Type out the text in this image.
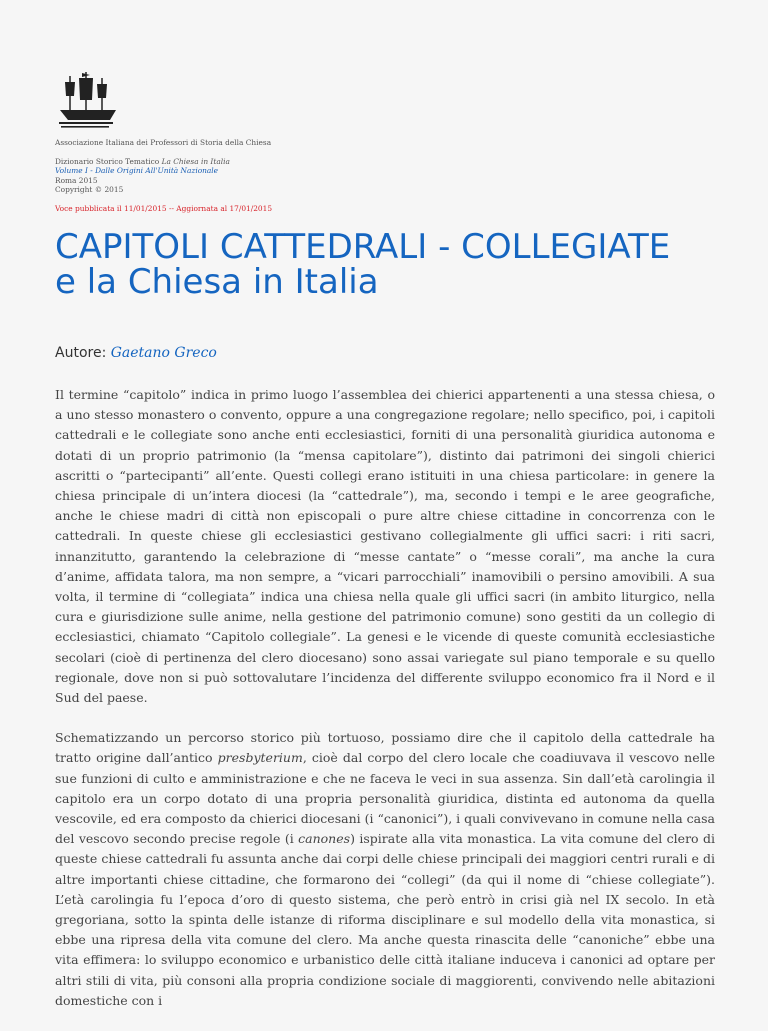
Associazione Italiana dei Professori di Storia della Chiesa
Dizionario Storico Tematico La Chiesa in Italia
Volume I - Dalle Origini All'Unità Nazionale
Roma 2015
Copyright © 2015
Voce pubblicata il 11/01/2015 -- Aggiornata al 17/01/2015
CAPITOLI CATTEDRALI - COLLEGIATE
e la Chiesa in Italia
Autore: Gaetano Greco

Il termine “capitolo” indica in primo luogo l’assemblea dei chierici appartenenti a una stessa chiesa, o a uno stesso monastero o convento, oppure a una congregazione regolare; nello specifico, poi, i capitoli cattedrali e le collegiate sono anche enti ecclesiastici, forniti di una personalità giuridica autonoma e dotati di un proprio patrimonio (la “mensa capitolare”), distinto dai patrimoni dei singoli chierici ascritti o “partecipanti” all’ente. Questi collegi erano istituiti in una chiesa particolare: in genere la chiesa principale di un’intera diocesi (la “cattedrale”), ma, secondo i tempi e le aree geografiche, anche le chiese madri di città non episcopali o pure altre chiese cittadine in concorrenza con le cattedrali. In queste chiese gli ecclesiastici gestivano collegialmente gli uffici sacri: i riti sacri, innanzitutto, garantendo la celebrazione di “messe cantate” o “messe corali”, ma anche la cura d’anime, affidata talora, ma non sempre, a “vicari parrocchiali” inamovibili o persino amovibili. A sua volta, il termine di “collegiata” indica una chiesa nella quale gli uffici sacri (in ambito liturgico, nella cura e giurisdizione sulle anime, nella gestione del patrimonio comune) sono gestiti da un collegio di ecclesiastici, chiamato “Capitolo collegiale”. La genesi e le vicende di queste comunità ecclesiastiche secolari (cioè di pertinenza del clero diocesano) sono assai variegate sul piano temporale e su quello regionale, dove non si può sottovalutare l’incidenza del differente sviluppo economico fra il Nord e il Sud del paese.

Schematizzando un percorso storico più tortuoso, possiamo dire che il capitolo della cattedrale ha tratto origine dall’antico presbyterium, cioè dal corpo del clero locale che coadiuvava il vescovo nelle sue funzioni di culto e amministrazione e che ne faceva le veci in sua assenza. Sin dall’età carolingia il capitolo era un corpo dotato di una propria personalità giuridica, distinta ed autonoma da quella vescovile, ed era composto da chierici diocesani (i “canonici”), i quali convivevano in comune nella casa del vescovo secondo precise regole (i canones) ispirate alla vita monastica. La vita comune del clero di queste chiese cattedrali fu assunta anche dai corpi delle chiese principali dei maggiori centri rurali e di altre importanti chiese cittadine, che formarono dei “collegi” (da qui il nome di “chiese collegiate”). L’età carolingia fu l’epoca d’oro di questo sistema, che però entrò in crisi già nel IX secolo. In età gregoriana, sotto la spinta delle istanze di riforma disciplinare e sul modello della vita monastica, si ebbe una ripresa della vita comune del clero. Ma anche questa rinascita delle “canoniche” ebbe una vita effimera: lo sviluppo economico e urbanistico delle città italiane induceva i canonici ad optare per altri stili di vita, più consoni alla propria condizione sociale di maggiorenti, convivendo nelle abitazioni domestiche con i
